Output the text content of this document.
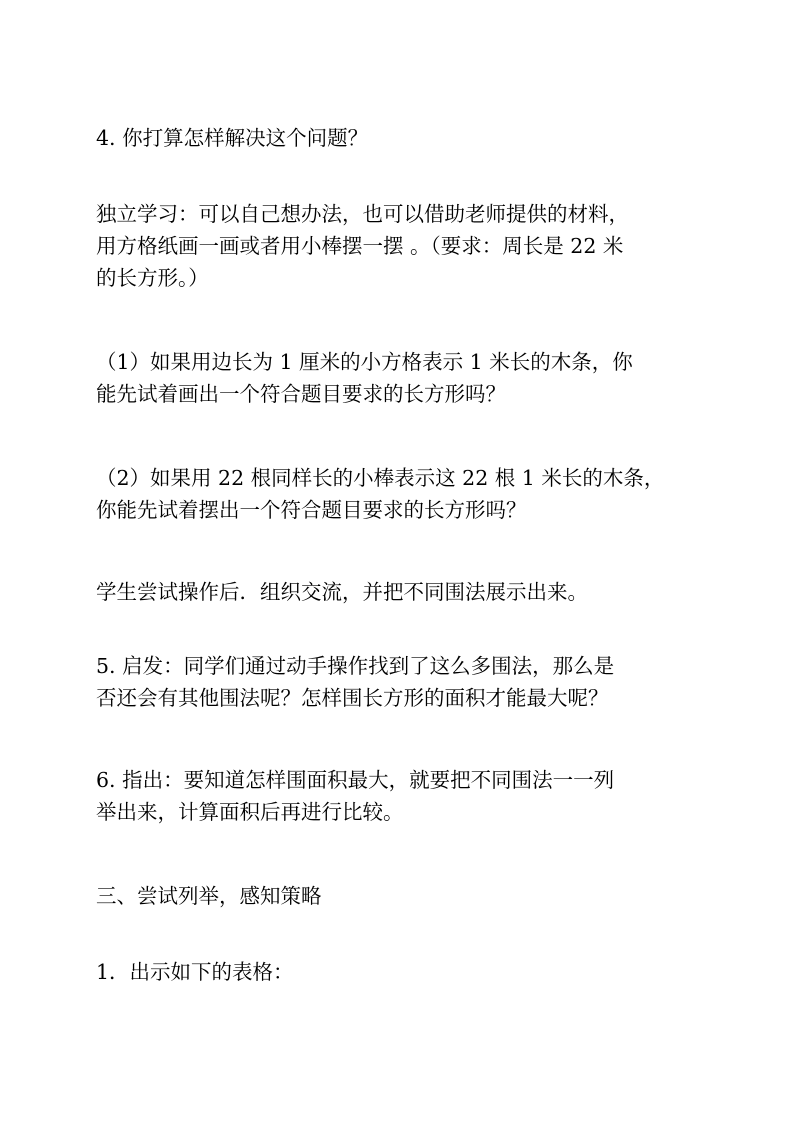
4. 你打算怎样解决这个问题？

独立学习：可以自己想办法，也可以借助老师提供的材料，
用方格纸画一画或者用小棒摆一摆 。（要求：周长是 22 米
的长方形。）

（1）如果用边长为 1 厘米的小方格表示 1 米长的木条，你
能先试着画出一个符合题目要求的长方形吗？

（2）如果用 22 根同样长的小棒表示这 22 根 1 米长的木条，
你能先试着摆出一个符合题目要求的长方形吗？

学生尝试操作后．组织交流，并把不同围法展示出来。

5. 启发：同学们通过动手操作找到了这么多围法，那么是
否还会有其他围法呢？怎样围长方形的面积才能最大呢？

6. 指出：要知道怎样围面积最大，就要把不同围法一一列
举出来，计算面积后再进行比较。

三、尝试列举，感知策略

1．出示如下的表格：
